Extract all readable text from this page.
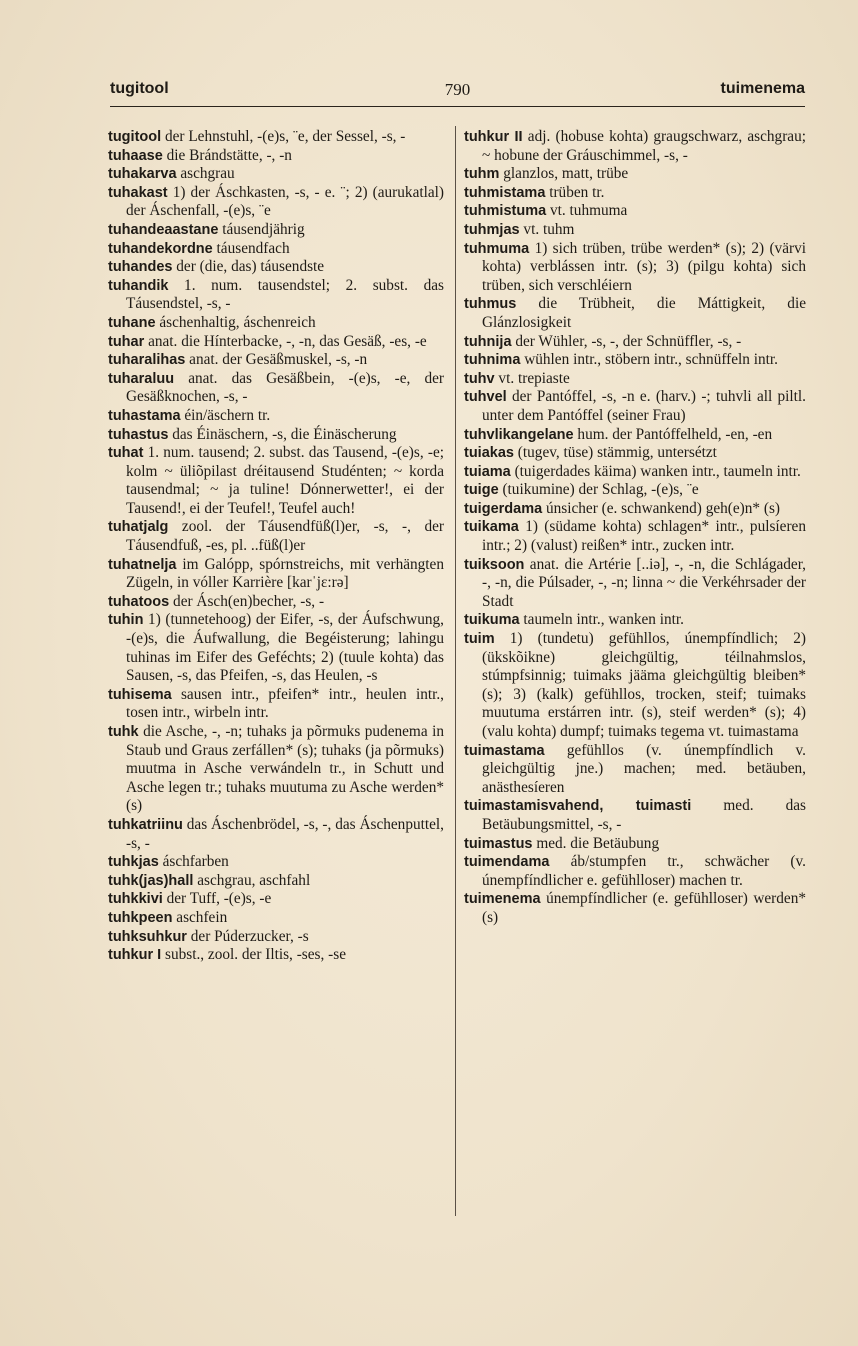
tugitool	790	tuimenema
tugitool der Lehnstuhl, -(e)s, ¨e, der Sessel, -s, -
tuhaase die Brándstätte, -, -n
tuhakarva aschgrau
tuhakast 1) der Áschkasten, -s, - e. ¨; 2) (aurukatlal) der Áschenfall, -(e)s, ¨e
tuhandeaastane táusendjährig
tuhandekordne táusendfach
tuhandes der (die, das) táusendste
tuhandik 1. num. tausendstel; 2. subst. das Táusendstel, -s, -
tuhane áschenhaltig, áschenreich
tuhar anat. die Hínterbacke, -, -n, das Gesäß, -es, -e
tuharalihas anat. der Gesäßmuskel, -s, -n
tuharaluu anat. das Gesäßbein, -(e)s, -e, der Gesäßknochen, -s, -
tuhastama éin/äschern tr.
tuhastus das Éinäschern, -s, die Éinäscherung
tuhat 1. num. tausend; 2. subst. das Tausend, -(e)s, -e; kolm ~ üliõpilast dréitausend Studénten; ~ korda tausendmal; ~ ja tuline! Dónnerwetter!, ei der Tausend!, ei der Teufel!, Teufel auch!
tuhatjalg zool. der Táusendfüß(l)er, -s, -, der Táusendfuß, -es, pl. ..füß(l)er
tuhatnelja im Galópp, spórnstreichs, mit verhängten Zügeln, in vóller Karrière [karˈjɛ:rə]
tuhatoos der Ásch(en)becher, -s, -
tuhin 1) (tunnetehoog) der Eifer, -s, der Áufschwung, -(e)s, die Áufwallung, die Begéisterung; lahingu tuhinas im Eifer des Geféchts; 2) (tuule kohta) das Sausen, -s, das Pfeifen, -s, das Heulen, -s
tuhisema sausen intr., pfeifen* intr., heulen intr., tosen intr., wirbeln intr.
tuhk die Asche, -, -n; tuhaks ja põrmuks pudenema in Staub und Graus zerfállen* (s); tuhaks (ja põrmuks) muutma in Asche verwándeln tr., in Schutt und Asche legen tr.; tuhaks muutuma zu Asche werden* (s)
tuhkatriinu das Áschenbrödel, -s, -, das Áschenputtel, -s, -
tuhkjas áschfarben
tuhk(jas)hall aschgrau, aschfahl
tuhkkivi der Tuff, -(e)s, -e
tuhkpeen aschfein
tuhksuhkur der Púderzucker, -s
tuhkur I subst., zool. der Iltis, -ses, -se
tuhkur II adj. (hobuse kohta) graugschwarz, aschgrau; ~ hobune der Gráuschimmel, -s, -
tuhm glanzlos, matt, trübe
tuhmistama trüben tr.
tuhmistuma vt. tuhmuma
tuhmjas vt. tuhm
tuhmuma 1) sich trüben, trübe werden* (s); 2) (värvi kohta) verblássen intr. (s); 3) (pilgu kohta) sich trüben, sich verschléiern
tuhmus die Trübheit, die Máttigkeit, die Glánzlosigkeit
tuhnija der Wühler, -s, -, der Schnüffler, -s, -
tuhnima wühlen intr., stöbern intr., schnüffeln intr.
tuhv vt. trepiaste
tuhvel der Pantóffel, -s, -n e. (harv.) -; tuhvli all piltl. unter dem Pantóffel (seiner Frau)
tuhvlikangelane hum. der Pantóffelheld, -en, -en
tuiakas (tugev, tüse) stämmig, untersétzt
tuiama (tuigerdades käima) wanken intr., taumeln intr.
tuige (tuikumine) der Schlag, -(e)s, ¨e
tuigerdama únsicher (e. schwankend) geh(e)n* (s)
tuikama 1) (südame kohta) schlagen* intr., pulsíeren intr.; 2) (valust) reißen* intr., zucken intr.
tuiksoon anat. die Artérie [..iə], -, -n, die Schlágader, -, -n, die Púlsader, -, -n; linna ~ die Verkéhrsader der Stadt
tuikuma taumeln intr., wanken intr.
tuim 1) (tundetu) gefühllos, únempfíndlich; 2) (ükskõikne) gleichgültig, téilnahmslos, stúmpfsinnig; tuimaks jääma gleichgültig bleiben* (s); 3) (kalk) gefühllos, trocken, steif; tuimaks muutuma erstárren intr. (s), steif werden* (s); 4) (valu kohta) dumpf; tuimaks tegema vt. tuimastama
tuimastama gefühllos (v. únempfíndlich v. gleichgültig jne.) machen; med. betäuben, anästhesíeren
tuimastamisvahend, tuimasti med. das Betäubungsmittel, -s, -
tuimastus med. die Betäubung
tuimendama áb/stumpfen tr., schwächer (v. únempfíndlicher e. gefühlloser) machen tr.
tuimenema únempfíndlicher (e. gefühlloser) werden* (s)
